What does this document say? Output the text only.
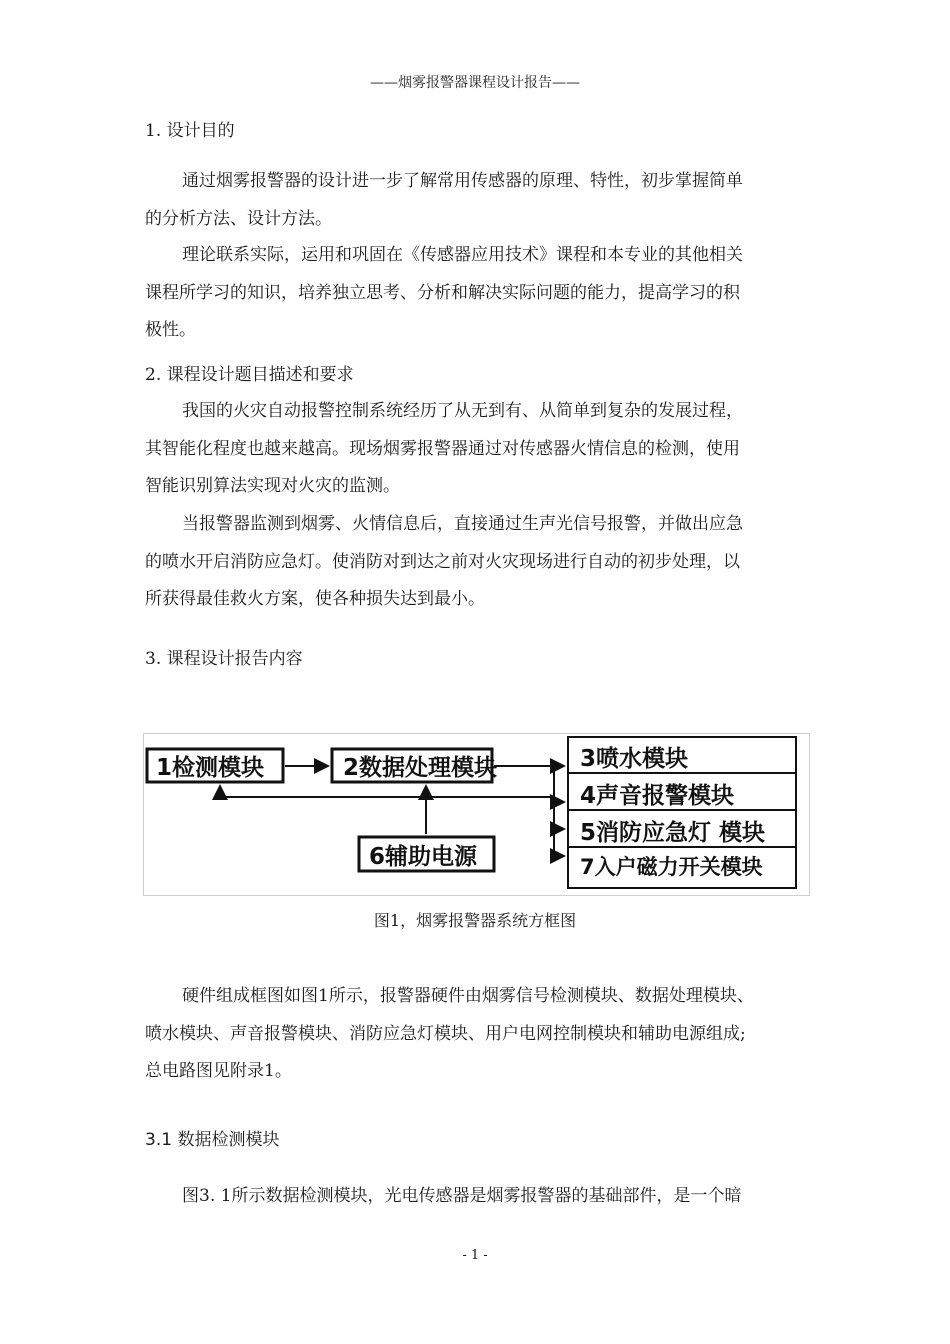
——烟雾报警器课程设计报告——
1. 设计目的
通过烟雾报警器的设计进一步了解常用传感器的原理、特性，初步掌握简单
的分析方法、设计方法。
理论联系实际，运用和巩固在《传感器应用技术》课程和本专业的其他相关
课程所学习的知识，培养独立思考、分析和解决实际问题的能力，提高学习的积
极性。
2. 课程设计题目描述和要求
我国的火灾自动报警控制系统经历了从无到有、从简单到复杂的发展过程，
其智能化程度也越来越高。现场烟雾报警器通过对传感器火情信息的检测，使用
智能识别算法实现对火灾的监测。
当报警器监测到烟雾、火情信息后，直接通过生声光信号报警，并做出应急
的喷水开启消防应急灯。使消防对到达之前对火灾现场进行自动的初步处理，以
所获得最佳救火方案，使各种损失达到最小。
3. 课程设计报告内容
1检测模块	2数据处理模块
6辅助电源
3喷水模块
4声音报警模块
5消防应急灯 模块
7入户磁力开关模块
图1，烟雾报警器系统方框图
硬件组成框图如图1所示，报警器硬件由烟雾信号检测模块、数据处理模块、
喷水模块、声音报警模块、消防应急灯模块、用户电网控制模块和辅助电源组成;
总电路图见附录1。
3.1 数据检测模块
图3. 1所示数据检测模块，光电传感器是烟雾报警器的基础部件，是一个暗
- 1 -
